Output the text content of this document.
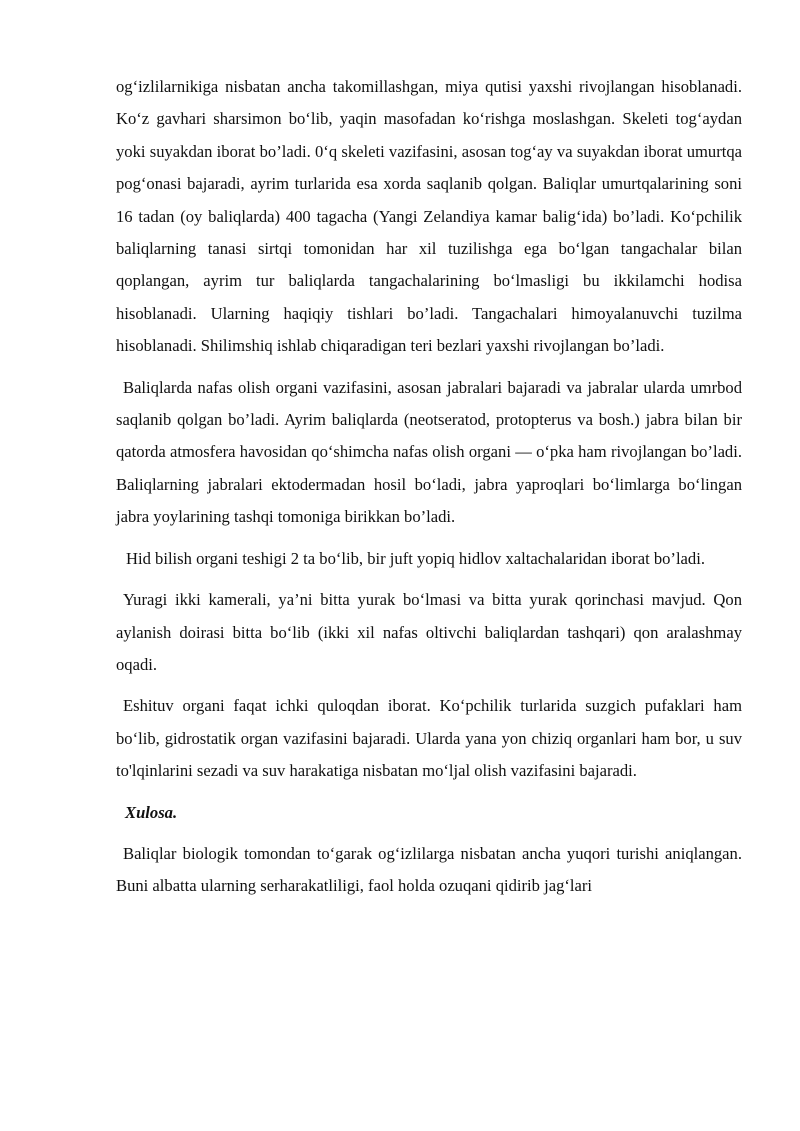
og‘izlilarnikiga nisbatan ancha takomillashgan, miya qutisi yaxshi rivojlangan hisoblanadi. Ko‘z gavhari sharsimon bo‘lib, yaqin masofadan ko‘rishga moslashgan. Skeleti tog‘aydan yoki suyakdan iborat bo’ladi. 0‘q skeleti vazifasini, asosan tog‘ay va suyakdan iborat umurtqa pog‘onasi bajaradi, ayrim turlarida esa xorda saqlanib qolgan. Baliqlar umurtqalarining soni 16 tadan (oy baliqlarda) 400 tagacha (Yangi Zelandiya kamar balig‘ida) bo’ladi. Ko‘pchilik baliqlarning tanasi sirtqi tomonidan har xil tuzilishga ega bo‘lgan tangachalar bilan qoplangan, ayrim tur baliqlarda tangachalarining bo‘lmasligi bu ikkilamchi hodisa hisoblanadi. Ularning haqiqiy tishlari bo’ladi. Tangachalari himoyalanuvchi tuzilma hisoblanadi. Shilimshiq ishlab chiqaradigan teri bezlari yaxshi rivojlangan bo’ladi.

Baliqlarda nafas olish organi vazifasini, asosan jabralari bajaradi va jabralar ularda umrbod saqlanib qolgan bo’ladi. Ayrim baliqlarda (neotseratod, protopterus va bosh.) jabra bilan bir qatorda atmosfera havosidan qo‘shimcha nafas olish organi — o‘pka ham rivojlangan bo’ladi. Baliqlarning jabralari ektodermadan hosil bo‘ladi, jabra yaproqlari bo‘limlarga bo‘lingan jabra yoylarining tashqi tomoniga birikkan bo’ladi.

Hid bilish organi teshigi 2 ta bo‘lib, bir juft yopiq hidlov xaltachalaridan iborat bo’ladi.

Yuragi ikki kamerali, ya’ni bitta yurak bo‘lmasi va bitta yurak qorinchasi mavjud. Qon aylanish doirasi bitta bo‘lib (ikki xil nafas oltivchi baliqlardan tashqari) qon aralashmay oqadi.

Eshituv organi faqat ichki quloqdan iborat. Ko‘pchilik turlarida suzgich pufaklari ham bo‘lib, gidrostatik organ vazifasini bajaradi. Ularda yana yon chiziq organlari ham bor, u suv to'lqinlarini sezadi va suv harakatiga nisbatan mo‘ljal olish vazifasini bajaradi.

Xulosa.

Baliqlar biologik tomondan to‘garak og‘izlilarga nisbatan ancha yuqori turishi aniqlangan. Buni albatta ularning serharakatliligi, faol holda ozuqani qidirib jag‘lari
